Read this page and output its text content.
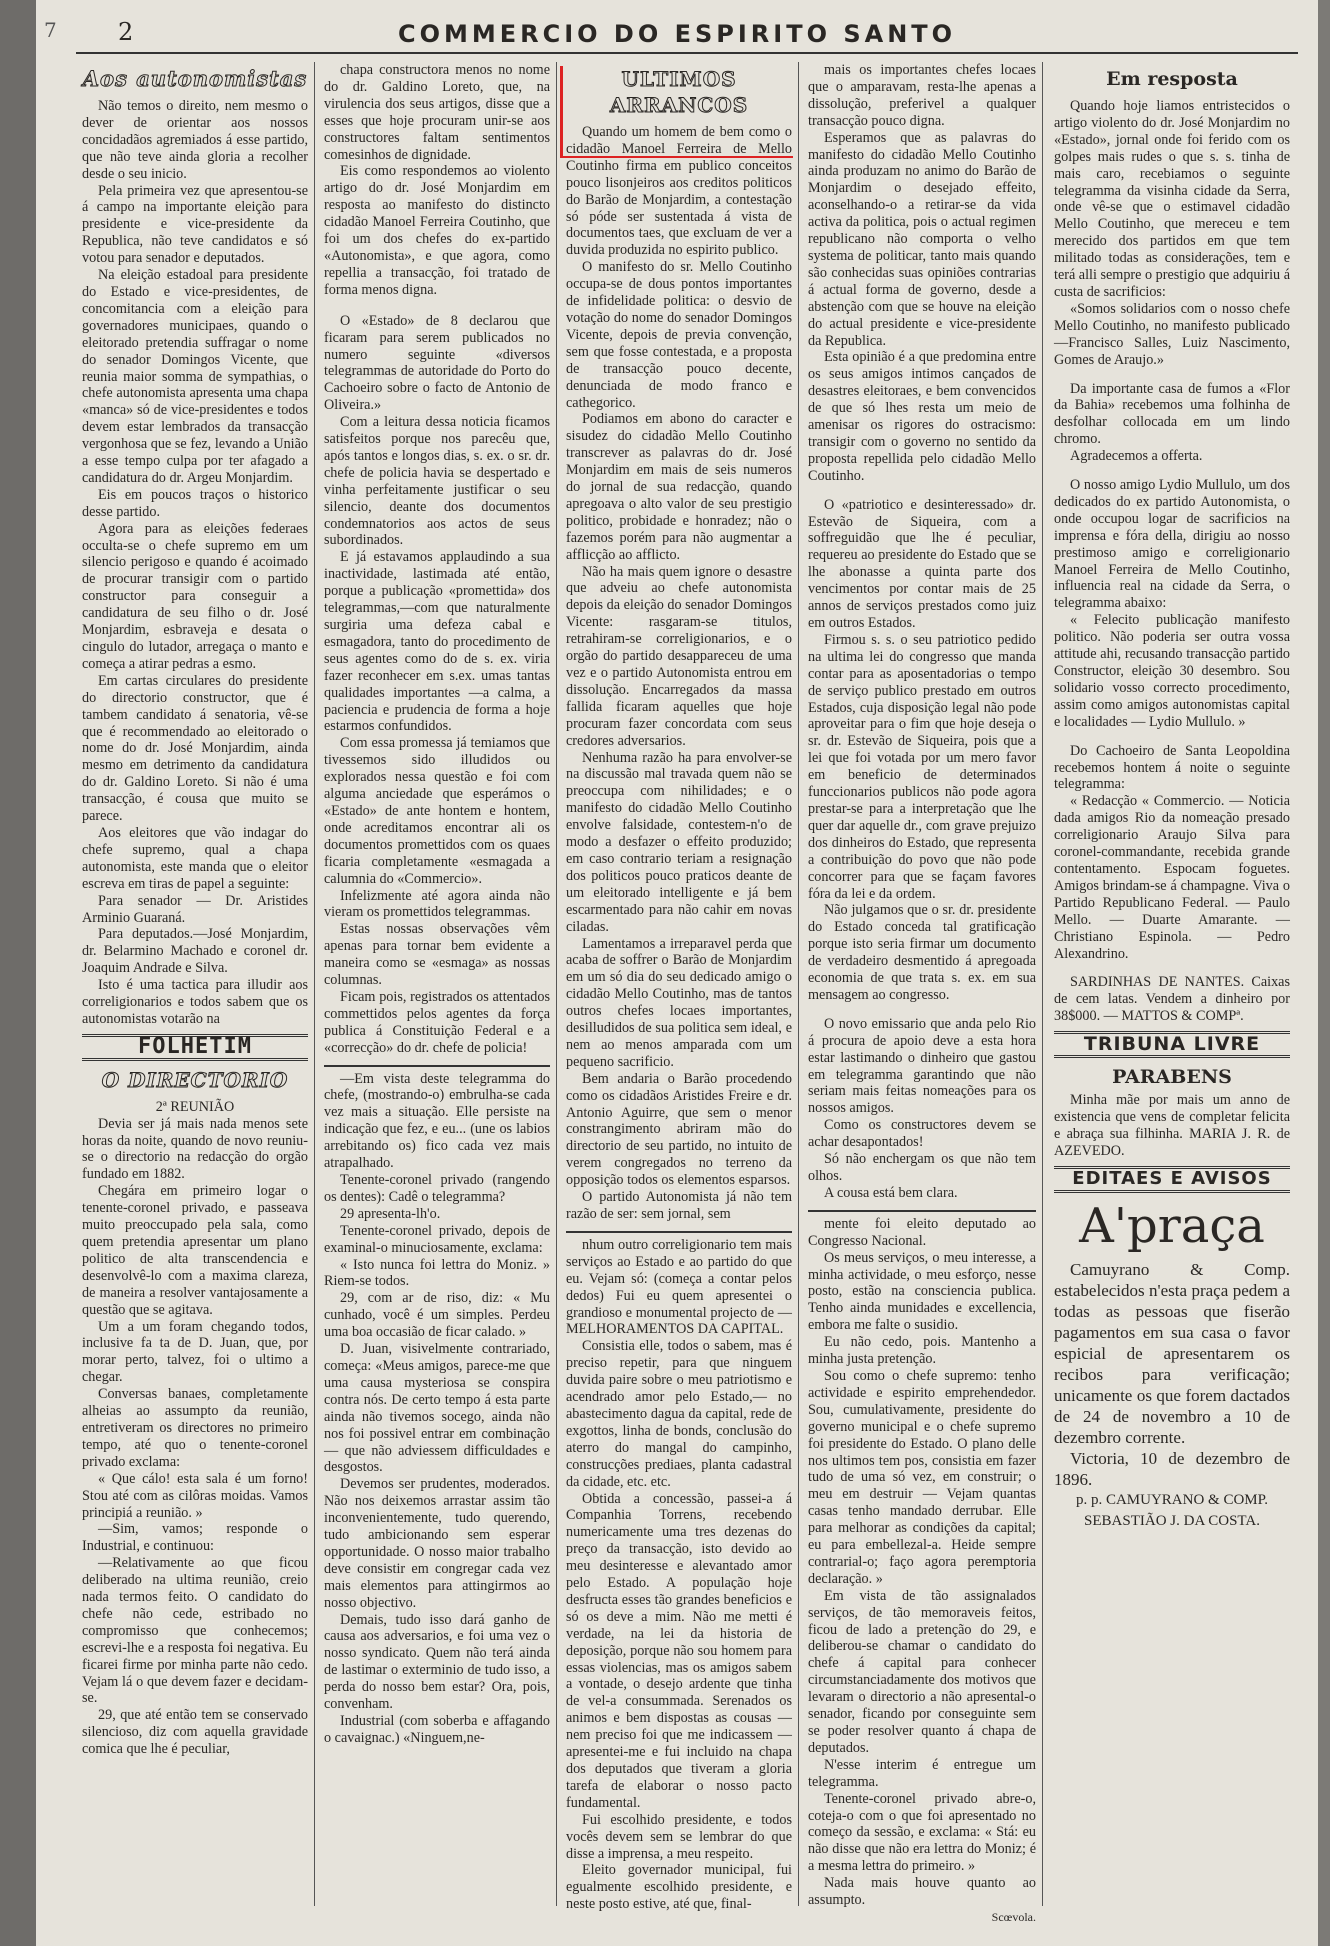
7	2	COMMERCIO DO ESPIRITO SANTO
Aos autonomistas

Não temos o direito, nem mesmo o dever de orientar aos nossos concidadãos agremiados á esse partido, que não teve ainda gloria a recolher desde o seu inicio.

Pela primeira vez que apresentou-se á campo na importante eleição para presidente e vice-presidente da Republica, não teve candidatos e só votou para senador e deputados.

Na eleição estadoal para presidente do Estado e vice-presidentes, de concomitancia com a eleição para governadores municipaes, quando o eleitorado pretendia suffragar o nome do senador Domingos Vicente, que reunia maior somma de sympathias, o chefe autonomista apresenta uma chapa «manca» só de vice-presidentes e todos devem estar lembrados da transacção vergonhosa que se fez, levando a União a esse tempo culpa por ter afagado a candidatura do dr. Argeu Monjardim.

Eis em poucos traços o historico desse partido.

Agora para as eleições federaes occulta-se o chefe supremo em um silencio perigoso e quando é acoimado de procurar transigir com o partido constructor para conseguir a candidatura de seu filho o dr. José Monjardim, esbraveja e desata o cingulo do lutador, arregaça o manto e começa a atirar pedras a esmo.

Em cartas circulares do presidente do directorio constructor, que é tambem candidato á senatoria, vê-se que é recommendado ao eleitorado o nome do dr. José Monjardim, ainda mesmo em detrimento da candidatura do dr. Galdino Loreto. Si não é uma transacção, é cousa que muito se parece.

Aos eleitores que vão indagar do chefe supremo, qual a chapa autonomista, este manda que o eleitor escreva em tiras de papel a seguinte:

Para senador — Dr. Aristides Arminio Guaraná.

Para deputados.—José Monjardim, dr. Belarmino Machado e coronel dr. Joaquim Andrade e Silva.

Isto é uma tactica para illudir aos correligionarios e todos sabem que os autonomistas votarão na

FOLHETIM
O DIRECTORIO
2ª REUNIÃO

Devia ser já mais nada menos sete horas da noite, quando de novo reuniu-se o directorio na redacção do orgão fundado em 1882.

Chegára em primeiro logar o tenente-coronel privado, e passeava muito preoccupado pela sala, como quem pretendia apresentar um plano politico de alta transcendencia e desenvolvê-lo com a maxima clareza, de maneira a resolver vantajosamente a questão que se agitava.

Um a um foram chegando todos, inclusive fa ta de D. Juan, que, por morar perto, talvez, foi o ultimo a chegar.

Conversas banaes, completamente alheias ao assumpto da reunião, entretiveram os directores no primeiro tempo, até quo o tenente-coronel privado exclama:

« Que cálo! esta sala é um forno! Stou até com as cilôras moidas. Vamos principiá a reunião. »

—Sim, vamos; responde o Industrial, e continuou:

—Relativamente ao que ficou deliberado na ultima reunião, creio nada termos feito. O candidato do chefe não cede, estribado no compromisso que conhecemos; escrevi-lhe e a resposta foi negativa. Eu ficarei firme por minha parte não cedo. Vejam lá o que devem fazer e decidam-se.

29, que até então tem se conservado silencioso, diz com aquella gravidade comica que lhe é peculiar,

chapa constructora menos no nome do dr. Galdino Loreto, que, na virulencia dos seus artigos, disse que a esses que hoje procuram unir-se aos constructores faltam sentimentos comesinhos de dignidade.

Eis como respondemos ao violento artigo do dr. José Monjardim em resposta ao manifesto do distincto cidadão Manoel Ferreira Coutinho, que foi um dos chefes do ex-partido «Autonomista», e que agora, como repellia a transacção, foi tratado de forma menos digna.

O «Estado» de 8 declarou que ficaram para serem publicados no numero seguinte «diversos telegrammas de autoridade do Porto do Cachoeiro sobre o facto de Antonio de Oliveira.»

Com a leitura dessa noticia ficamos satisfeitos porque nos parecêu que, após tantos e longos dias, s. ex. o sr. dr. chefe de policia havia se despertado e vinha perfeitamente justificar o seu silencio, deante dos documentos condemnatorios aos actos de seus subordinados.

E já estavamos applaudindo a sua inactividade, lastimada até então, porque a publicação «promettida» dos telegrammas,—com que naturalmente surgiria uma defeza cabal e esmagadora, tanto do procedimento de seus agentes como do de s. ex. viria fazer reconhecer em s.ex. umas tantas qualidades importantes —a calma, a paciencia e prudencia de forma a hoje estarmos confundidos.

Com essa promessa já temiamos que tivessemos sido illudidos ou explorados nessa questão e foi com alguma anciedade que esperámos o «Estado» de ante hontem e hontem, onde acreditamos encontrar ali os documentos promettidos com os quaes ficaria completamente «esmagada a calumnia do «Commercio».

Infelizmente até agora ainda não vieram os promettidos telegrammas.

Estas nossas observações vêm apenas para tornar bem evidente a maneira como se «esmaga» as nossas columnas.

Ficam pois, registrados os attentados commettidos pelos agentes da força publica á Constituição Federal e a «correcção» do dr. chefe de policia!

—Em vista deste telegramma do chefe, (mostrando-o) embrulha-se cada vez mais a situação. Elle persiste na indicação que fez, e eu... (une os labios arrebitando os) fico cada vez mais atrapalhado.

Tenente-coronel privado (rangendo os dentes): Cadê o telegramma?

29 apresenta-lh'o.

Tenente-coronel privado, depois de examinal-o minuciosamente, exclama:

« Isto nunca foi lettra do Moniz. » Riem-se todos.

29, com ar de riso, diz: « Mu cunhado, você é um simples. Perdeu uma boa occasião de ficar calado. »

D. Juan, visivelmente contrariado, começa: «Meus amigos, parece-me que uma causa mysteriosa se conspira contra nós. De certo tempo á esta parte ainda não tivemos socego, ainda não nos foi possivel entrar em combinação — que não adviessem difficuldades e desgostos.

Devemos ser prudentes, moderados. Não nos deixemos arrastar assim tão inconvenientemente, tudo querendo, tudo ambicionando sem esperar opportunidade. O nosso maior trabalho deve consistir em congregar cada vez mais elementos para attingirmos ao nosso objectivo.

Demais, tudo isso dará ganho de causa aos adversarios, e foi uma vez o nosso syndicato. Quem não terá ainda de lastimar o exterminio de tudo isso, a perda do nosso bem estar? Ora, pois, convenham.

Industrial (com soberba e affagando o cavaignac.) «Ninguem,ne-

ULTIMOS ARRANCOS

Quando um homem de bem como o cidadão Manoel Ferreira de Mello Coutinho firma em publico conceitos pouco lisonjeiros aos creditos politicos do Barão de Monjardim, a contestação só póde ser sustentada á vista de documentos taes, que excluam de ver a duvida produzida no espirito publico.

O manifesto do sr. Mello Coutinho occupa-se de dous pontos importantes de infidelidade politica: o desvio de votação do nome do senador Domingos Vicente, depois de previa convenção, sem que fosse contestada, e a proposta de transacção pouco decente, denunciada de modo franco e cathegorico.

Podiamos em abono do caracter e sisudez do cidadão Mello Coutinho transcrever as palavras do dr. José Monjardim em mais de seis numeros do jornal de sua redacção, quando apregoava o alto valor de seu prestigio politico, probidade e honradez; não o fazemos porém para não augmentar a afflicção ao afflicto.

Não ha mais quem ignore o desastre que adveiu ao chefe autonomista depois da eleição do senador Domingos Vicente: rasgaram-se titulos, retrahiram-se correligionarios, e o orgão do partido desappareceu de uma vez e o partido Autonomista entrou em dissolução. Encarregados da massa fallida ficaram aquelles que hoje procuram fazer concordata com seus credores adversarios.

Nenhuma razão ha para envolver-se na discussão mal travada quem não se preoccupa com nihilidades; e o manifesto do cidadão Mello Coutinho envolve falsidade, contestem-n'o de modo a desfazer o effeito produzido; em caso contrario teriam a resignação dos politicos pouco praticos deante de um eleitorado intelligente e já bem escarmentado para não cahir em novas ciladas.

Lamentamos a irreparavel perda que acaba de soffrer o Barão de Monjardim em um só dia do seu dedicado amigo o cidadão Mello Coutinho, mas de tantos outros chefes locaes importantes, desilludidos de sua politica sem ideal, e nem ao menos amparada com um pequeno sacrificio.

Bem andaria o Barão procedendo como os cidadãos Aristides Freire e dr. Antonio Aguirre, que sem o menor constrangimento abriram mão do directorio de seu partido, no intuito de verem congregados no terreno da opposição todos os elementos esparsos.

O partido Autonomista já não tem razão de ser: sem jornal, sem

nhum outro correligionario tem mais serviços ao Estado e ao partido do que eu. Vejam só: (começa a contar pelos dedos) Fui eu quem apresentei o grandioso e monumental projecto de — MELHORAMENTOS DA CAPITAL.

Consistia elle, todos o sabem, mas é preciso repetir, para que ninguem duvida paire sobre o meu patriotismo e acendrado amor pelo Estado,— no abastecimento dagua da capital, rede de exgottos, linha de bonds, conclusão do aterro do mangal do campinho, construcções prediaes, planta cadastral da cidade, etc. etc.

Obtida a concessão, passei-a á Companhia Torrens, recebendo numericamente uma tres dezenas do preço da transacção, isto devido ao meu desinteresse e alevantado amor pelo Estado. A população hoje desfructa esses tão grandes beneficios e só os deve a mim. Não me metti é verdade, na lei da historia de deposição, porque não sou homem para essas violencias, mas os amigos sabem a vontade, o desejo ardente que tinha de vel-a consummada. Serenados os animos e bem dispostas as cousas — nem preciso foi que me indicassem — apresentei-me e fui incluido na chapa dos deputados que tiveram a gloria tarefa de elaborar o nosso pacto fundamental.

Fui escolhido presidente, e todos vocês devem sem se lembrar do que disse a imprensa, a meu respeito.

Eleito governador municipal, fui egualmente escolhido presidente, e neste posto estive, até que, final-

mais os importantes chefes locaes que o amparavam, resta-lhe apenas a dissolução, preferivel a qualquer transacção pouco digna.

Esperamos que as palavras do manifesto do cidadão Mello Coutinho ainda produzam no animo do Barão de Monjardim o desejado effeito, aconselhando-o a retirar-se da vida activa da politica, pois o actual regimen republicano não comporta o velho systema de politicar, tanto mais quando são conhecidas suas opiniões contrarias á actual forma de governo, desde a abstenção com que se houve na eleição do actual presidente e vice-presidente da Republica.

Esta opinião é a que predomina entre os seus amigos intimos cançados de desastres eleitoraes, e bem convencidos de que só lhes resta um meio de amenisar os rigores do ostracismo: transigir com o governo no sentido da proposta repellida pelo cidadão Mello Coutinho.

O «patriotico e desinteressado» dr. Estevão de Siqueira, com a soffreguidão que lhe é peculiar, requereu ao presidente do Estado que se lhe abonasse a quinta parte dos vencimentos por contar mais de 25 annos de serviços prestados como juiz em outros Estados.

Firmou s. s. o seu patriotico pedido na ultima lei do congresso que manda contar para as aposentadorias o tempo de serviço publico prestado em outros Estados, cuja disposição legal não pode aproveitar para o fim que hoje deseja o sr. dr. Estevão de Siqueira, pois que a lei que foi votada por um mero favor em beneficio de determinados funccionarios publicos não pode agora prestar-se para a interpretação que lhe quer dar aquelle dr., com grave prejuizo dos dinheiros do Estado, que representa a contribuição do povo que não pode concorrer para que se façam favores fóra da lei e da ordem.

Não julgamos que o sr. dr. presidente do Estado conceda tal gratificação porque isto seria firmar um documento de verdadeiro desmentido á apregoada economia de que trata s. ex. em sua mensagem ao congresso.

O novo emissario que anda pelo Rio á procura de apoio deve a esta hora estar lastimando o dinheiro que gastou em telegramma garantindo que não seriam mais feitas nomeações para os nossos amigos.

Como os constructores devem se achar desapontados!

Só não enchergam os que não tem olhos.

A cousa está bem clara.

mente foi eleito deputado ao Congresso Nacional.

Os meus serviços, o meu interesse, a minha actividade, o meu esforço, nesse posto, estão na consciencia publica. Tenho ainda munidades e excellencia, embora me falte o susidio.

Eu não cedo, pois. Mantenho a minha justa pretenção.

Sou como o chefe supremo: tenho actividade e espirito emprehendedor. Sou, cumulativamente, presidente do governo municipal e o chefe supremo foi presidente do Estado. O plano delle nos ultimos tem pos, consistia em fazer tudo de uma só vez, em construir; o meu em destruir — Vejam quantas casas tenho mandado derrubar. Elle para melhorar as condições da capital; eu para embellezal-a. Heide sempre contrarial-o; faço agora peremptoria declaração. »

Em vista de tão assignalados serviços, de tão memoraveis feitos, ficou de lado a pretenção do 29, e deliberou-se chamar o candidato do chefe á capital para conhecer circumstanciadamente dos motivos que levaram o directorio a não apresental-o senador, ficando por conseguinte sem se poder resolver quanto á chapa de deputados.

N'esse interim é entregue um telegramma.

Tenente-coronel privado abre-o, coteja-o com o que foi apresentado no começo da sessão, e exclama: « Stá: eu não disse que não era lettra do Moniz; é a mesma lettra do primeiro. »

Nada mais houve quanto ao assumpto.

Scœvola.
Em resposta

Quando hoje liamos entristecidos o artigo violento do dr. José Monjardim no «Estado», jornal onde foi ferido com os golpes mais rudes o que s. s. tinha de mais caro, recebiamos o seguinte telegramma da visinha cidade da Serra, onde vê-se que o estimavel cidadão Mello Coutinho, que mereceu e tem merecido dos partidos em que tem militado todas as considerações, tem e terá alli sempre o prestigio que adquiriu á custa de sacrificios:

«Somos solidarios com o nosso chefe Mello Coutinho, no manifesto publicado —Francisco Salles, Luiz Nascimento, Gomes de Araujo.»

Da importante casa de fumos a «Flor da Bahia» recebemos uma folhinha de desfolhar collocada em um lindo chromo.

Agradecemos a offerta.

O nosso amigo Lydio Mullulo, um dos dedicados do ex partido Autonomista, o onde occupou logar de sacrificios na imprensa e fóra della, dirigiu ao nosso prestimoso amigo e correligionario Manoel Ferreira de Mello Coutinho, influencia real na cidade da Serra, o telegramma abaixo:

« Felecito publicação manifesto politico. Não poderia ser outra vossa attitude ahi, recusando transacção partido Constructor, eleição 30 desembro. Sou solidario vosso correcto procedimento, assim como amigos autonomistas capital e localidades — Lydio Mullulo. »

Do Cachoeiro de Santa Leopoldina recebemos hontem á noite o seguinte telegramma:

« Redacção « Commercio. — Noticia dada amigos Rio da nomeação presado correligionario Araujo Silva para coronel-commandante, recebida grande contentamento. Espocam foguetes. Amigos brindam-se á champagne. Viva o Partido Republicano Federal. — Paulo Mello. — Duarte Amarante. —Christiano Espinola. — Pedro Alexandrino.

SARDINHAS DE NANTES. Caixas de cem latas. Vendem a dinheiro por 38$000. — MATTOS & COMPª.

TRIBUNA LIVRE
PARABENS

Minha mãe por mais um anno de existencia que vens de completar felicita e abraça sua filhinha. MARIA J. R. de AZEVEDO.

EDITAES E AVISOS
A'praça

Camuyrano & Comp. estabelecidos n'esta praça pedem a todas as pessoas que fiserão pagamentos em sua casa o favor espicial de apresentarem os recibos para verificação; unicamente os que forem dactados de 24 de novembro a 10 de dezembro corrente.

Victoria, 10 de dezembro de 1896.

p. p. CAMUYRANO & COMP. SEBASTIÃO J. DA COSTA.
